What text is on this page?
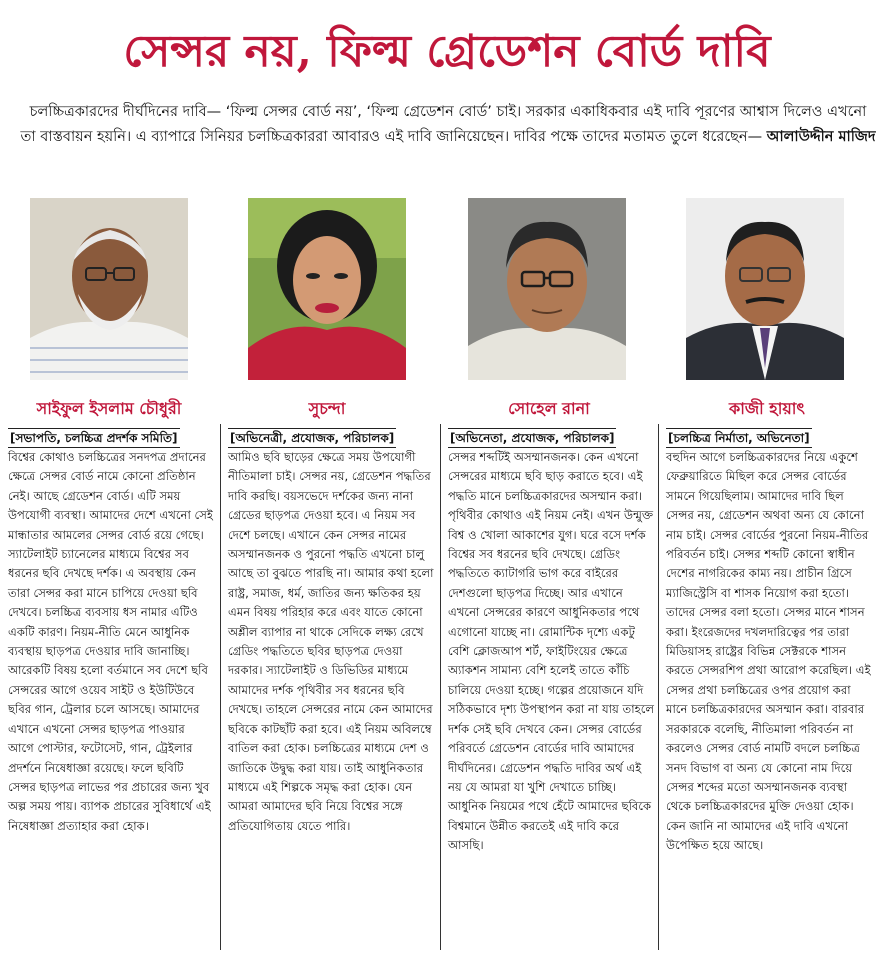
সেন্সর নয়, ফিল্ম গ্রেডেশন বোর্ড দাবি

চলচ্চিত্রকারদের দীর্ঘদিনের দাবি— ‘ফিল্ম সেন্সর বোর্ড নয়’, ‘ফিল্ম গ্রেডেশন বোর্ড’ চাই। সরকার একাধিকবার এই দাবি পূরণের আশ্বাস দিলেও এখনো তা বাস্তবায়ন হয়নি। এ ব্যাপারে সিনিয়র চলচ্চিত্রকাররা আবারও এই দাবি জানিয়েছেন। দাবির পক্ষে তাদের মতামত তুলে ধরেছেন— আলাউদ্দীন মাজিদ

সাইফুল ইসলাম চৌধুরী	সুচন্দা	সোহেল রানা	কাজী হায়াৎ
[সভাপতি, চলচ্চিত্র প্রদর্শক সমিতি]	[অভিনেত্রী, প্রযোজক, পরিচালক]	[অভিনেতা, প্রযোজক, পরিচালক]	[চলচ্চিত্র নির্মাতা, অভিনেতা]

বিশ্বের কোথাও চলচ্চিত্রের সনদপত্র প্রদানের ক্ষেত্রে সেন্সর বোর্ড নামে কোনো প্রতিষ্ঠান নেই। আছে গ্রেডেশন বোর্ড। এটি সময় উপযোগী ব্যবস্থা। আমাদের দেশে এখনো সেই মান্ধাতার আমলের সেন্সর বোর্ড রয়ে গেছে। স্যাটেলাইট চ্যানেলের মাধ্যমে বিশ্বের সব ধরনের ছবি দেখছে দর্শক। এ অবস্থায় কেন তারা সেন্সর করা মানে চাপিয়ে দেওয়া ছবি দেখবে। চলচ্চিত্র ব্যবসায় ধস নামার এটিও একটি কারণ। নিয়ম-নীতি মেনে আধুনিক ব্যবস্থায় ছাড়পত্র দেওয়ার দাবি জানাচ্ছি। আরেকটি বিষয় হলো বর্তমানে সব দেশে ছবি সেন্সরের আগে ওয়েব সাইট ও ইউটিউবে ছবির গান, ট্রেলার চলে আসছে। আমাদের এখানে এখনো সেন্সর ছাড়পত্র পাওয়ার আগে পোস্টার, ফটোসেট, গান, ট্রেইলার প্রদর্শনে নিষেধাজ্ঞা রয়েছে। ফলে ছবিটি সেন্সর ছাড়পত্র লাভের পর প্রচারের জন্য খুব অল্প সময় পায়। ব্যাপক প্রচারের সুবিধার্থে এই নিষেধাজ্ঞা প্রত্যাহার করা হোক।

আমিও ছবি ছাড়ের ক্ষেত্রে সময় উপযোগী নীতিমালা চাই। সেন্সর নয়, গ্রেডেশন পদ্ধতির দাবি করছি। বয়সভেদে দর্শকের জন্য নানা গ্রেডের ছাড়পত্র দেওয়া হবে। এ নিয়ম সব দেশে চলছে। এখানে কেন সেন্সর নামের অসম্মানজনক ও পুরনো পদ্ধতি এখনো চালু আছে তা বুঝতে পারছি না। আমার কথা হলো রাষ্ট্র, সমাজ, ধর্ম, জাতির জন্য ক্ষতিকর হয় এমন বিষয় পরিহার করে এবং যাতে কোনো অশ্লীল ব্যাপার না থাকে সেদিকে লক্ষ্য রেখে গ্রেডিং পদ্ধতিতে ছবির ছাড়পত্র দেওয়া দরকার। স্যাটেলাইট ও ডিভিডির মাধ্যমে আমাদের দর্শক পৃথিবীর সব ধরনের ছবি দেখছে। তাহলে সেন্সরের নামে কেন আমাদের ছবিকে কাটছাঁট করা হবে। এই নিয়ম অবিলম্বে বাতিল করা হোক। চলচ্চিত্রের মাধ্যমে দেশ ও জাতিকে উদ্বুদ্ধ করা যায়। তাই আধুনিকতার মাধ্যমে এই শিল্পকে সমৃদ্ধ করা হোক। যেন আমরা আমাদের ছবি নিয়ে বিশ্বের সঙ্গে প্রতিযোগিতায় যেতে পারি।

সেন্সর শব্দটিই অসম্মানজনক। কেন এখনো সেন্সরের মাধ্যমে ছবি ছাড় করাতে হবে। এই পদ্ধতি মানে চলচ্চিত্রকারদের অসম্মান করা। পৃথিবীর কোথাও এই নিয়ম নেই। এখন উন্মুক্ত বিশ্ব ও খোলা আকাশের যুগ। ঘরে বসে দর্শক বিশ্বের সব ধরনের ছবি দেখছে। গ্রেডিং পদ্ধতিতে ক্যাটাগরি ভাগ করে বাইরের দেশগুলো ছাড়পত্র দিচ্ছে। আর এখানে এখনো সেন্সরের কারণে আধুনিকতার পথে এগোনো যাচ্ছে না। রোমান্টিক দৃশ্যে একটু বেশি ক্লোজআপ শর্ট, ফাইটিংয়ের ক্ষেত্রে অ্যাকশন সামান্য বেশি হলেই তাতে কাঁচি চালিয়ে দেওয়া হচ্ছে। গল্পের প্রয়োজনে যদি সঠিকভাবে দৃশ্য উপস্থাপন করা না যায় তাহলে দর্শক সেই ছবি দেখবে কেন। সেন্সর বোর্ডের পরিবর্তে গ্রেডেশন বোর্ডের দাবি আমাদের দীর্ঘদিনের। গ্রেডেশন পদ্ধতি দাবির অর্থ এই নয় যে আমরা যা খুশি দেখাতে চাচ্ছি। আধুনিক নিয়মের পথে হেঁটে আমাদের ছবিকে বিশ্বমানে উন্নীত করতেই এই দাবি করে আসছি।

বহুদিন আগে চলচ্চিত্রকারদের নিয়ে একুশে ফেব্রুয়ারিতে মিছিল করে সেন্সর বোর্ডের সামনে গিয়েছিলাম। আমাদের দাবি ছিল সেন্সর নয়, গ্রেডেশন অথবা অন্য যে কোনো নাম চাই। সেন্সর বোর্ডের পুরনো নিয়ম-নীতির পরিবর্তন চাই। সেন্সর শব্দটি কোনো স্বাধীন দেশের নাগরিকের কাম্য নয়। প্রাচীন গ্রিসে ম্যাজিস্ট্রেসি বা শাসক নিয়োগ করা হতো। তাদের সেন্সর বলা হতো। সেন্সর মানে শাসন করা। ইংরেজদের দখলদারিত্বের পর তারা মিডিয়াসহ রাষ্ট্রের বিভিন্ন সেক্টরকে শাসন করতে সেন্সরশিপ প্রথা আরোপ করেছিল। এই সেন্সর প্রথা চলচ্চিত্রের ওপর প্রয়োগ করা মানে চলচ্চিত্রকারদের অসম্মান করা। বারবার সরকারকে বলেছি, নীতিমালা পরিবর্তন না করলেও সেন্সর বোর্ড নামটি বদলে চলচ্চিত্র সনদ বিভাগ বা অন্য যে কোনো নাম দিয়ে সেন্সর শব্দের মতো অসম্মানজনক ব্যবস্থা থেকে চলচ্চিত্রকারদের মুক্তি দেওয়া হোক। কেন জানি না আমাদের এই দাবি এখনো উপেক্ষিত হয়ে আছে।
